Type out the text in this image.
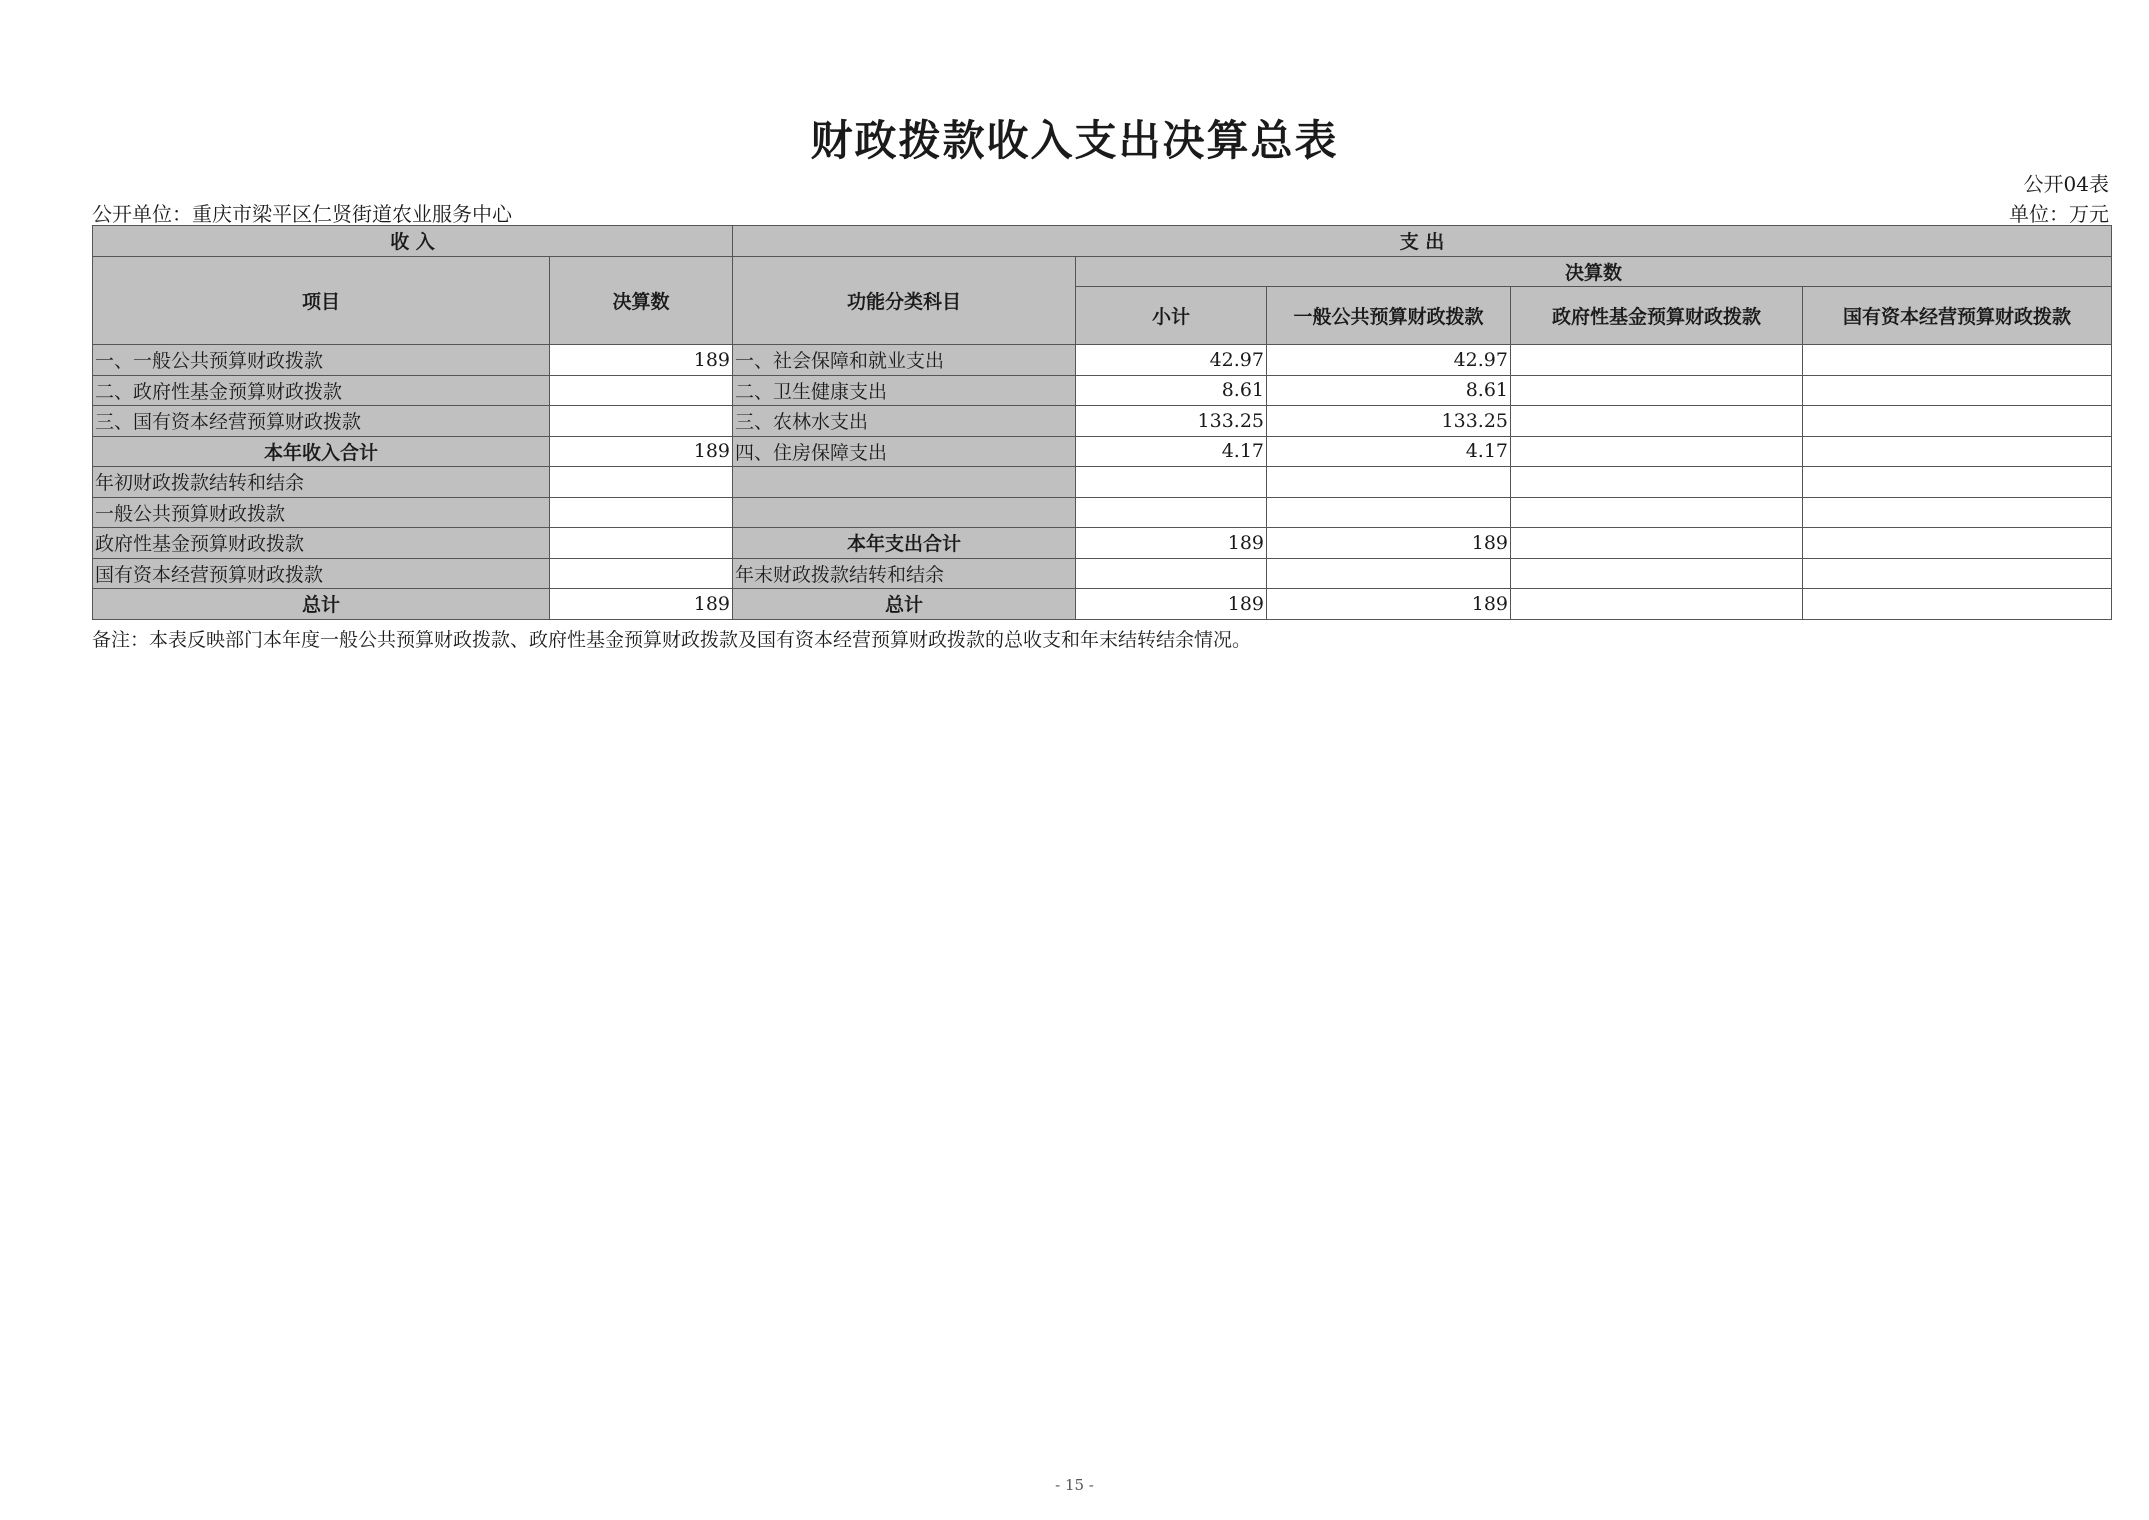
财政拨款收入支出决算总表
公开04表
公开单位：重庆市梁平区仁贤街道农业服务中心	单位：万元
收 入		支 出				
项目	决算数	功能分类科目	决算数			
			小计	一般公共预算财政拨款	政府性基金预算财政拨款	国有资本经营预算财政拨款
一、一般公共预算财政拨款	189	一、社会保障和就业支出	42.97	42.97		
二、政府性基金预算财政拨款		二、卫生健康支出	8.61	8.61		
三、国有资本经营预算财政拨款		三、农林水支出	133.25	133.25		
本年收入合计	189	四、住房保障支出	4.17	4.17		
年初财政拨款结转和结余						
一般公共预算财政拨款						
政府性基金预算财政拨款		本年支出合计	189	189		
国有资本经营预算财政拨款		年末财政拨款结转和结余				
总计	189	总计	189	189		
备注：本表反映部门本年度一般公共预算财政拨款、政府性基金预算财政拨款及国有资本经营预算财政拨款的总收支和年末结转结余情况。
- 15 -
